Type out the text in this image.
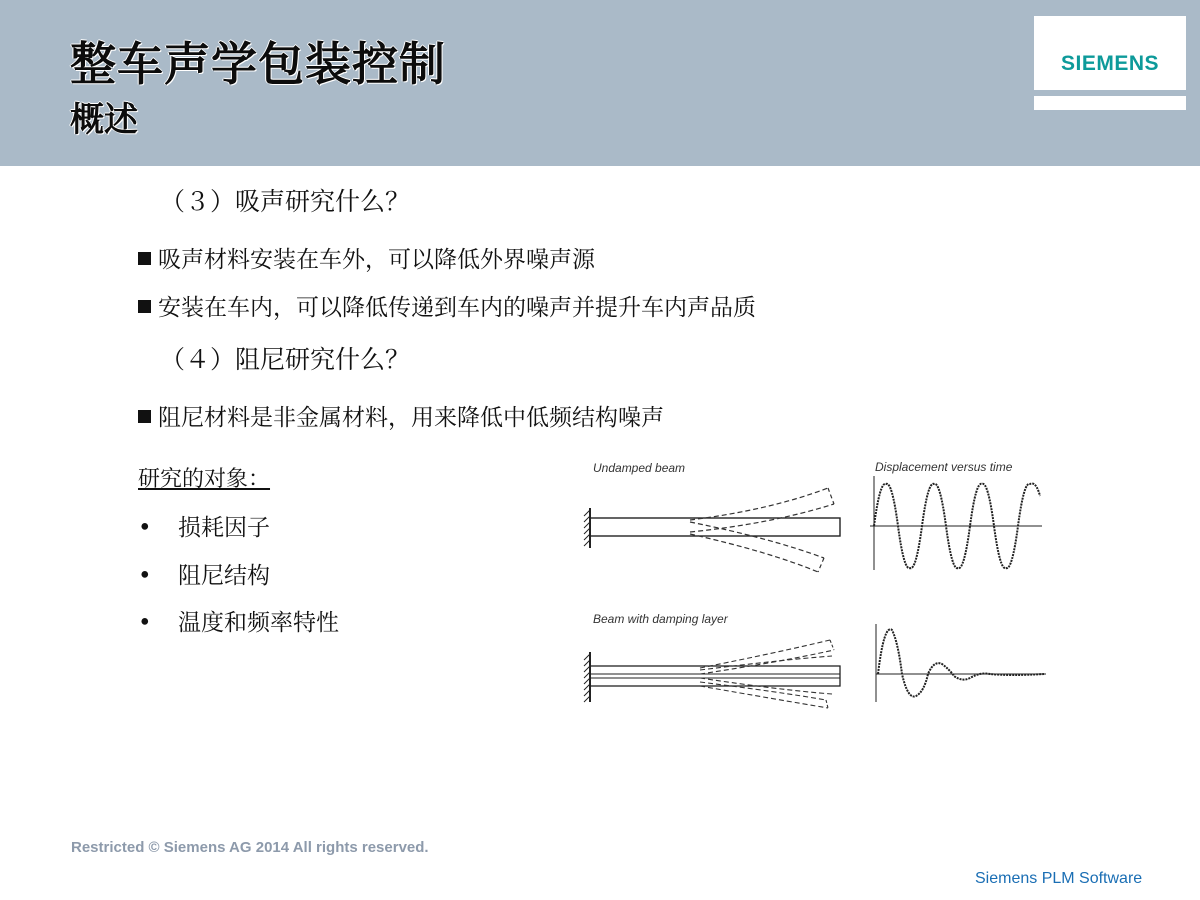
整车声学包装控制
概述
SIEMENS
（３）吸声研究什么？
吸声材料安装在车外，可以降低外界噪声源
安装在车内，可以降低传递到车内的噪声并提升车内声品质
（４）阻尼研究什么？
阻尼材料是非金属材料，用来降低中低频结构噪声
研究的对象：
• 损耗因子
• 阻尼结构
• 温度和频率特性
Undamped beam	Displacement versus time
Beam with damping layer
Restricted © Siemens AG 2014 All rights reserved.
Siemens PLM Software
